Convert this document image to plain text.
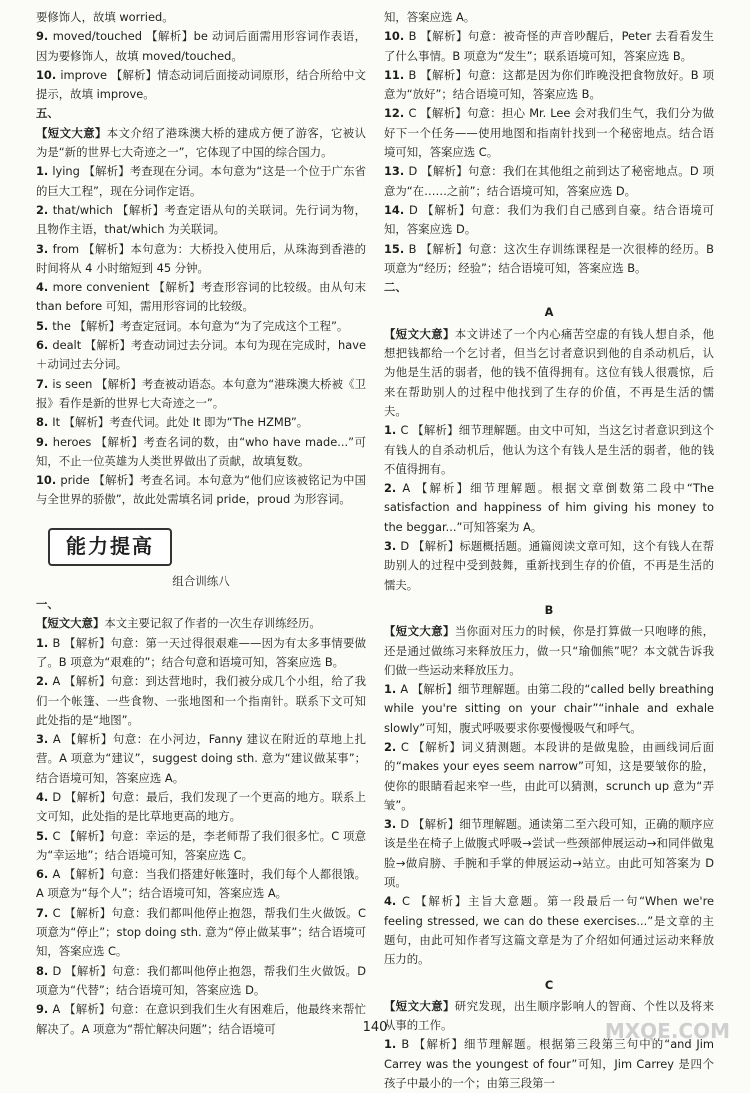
要修饰人，故填 worried。

9. moved/touched 【解析】be 动词后面需用形容词作表语，因为要修饰人，故填 moved/touched。

10. improve 【解析】情态动词后面接动词原形，结合所给中文提示，故填 improve。

五、

【短文大意】本文介绍了港珠澳大桥的建成方便了游客，它被认为是“新的世界七大奇迹之一”，它体现了中国的综合国力。

1. lying 【解析】考查现在分词。本句意为“这是一个位于广东省的巨大工程”，现在分词作定语。

2. that/which 【解析】考查定语从句的关联词。先行词为物，且物作主语，that/which 为关联词。

3. from 【解析】本句意为：大桥投入使用后，从珠海到香港的时间将从 4 小时缩短到 45 分钟。

4. more convenient 【解析】考查形容词的比较级。由从句末 than before 可知，需用形容词的比较级。

5. the 【解析】考查定冠词。本句意为“为了完成这个工程”。

6. dealt 【解析】考查动词过去分词。本句为现在完成时，have＋动词过去分词。

7. is seen 【解析】考查被动语态。本句意为“港珠澳大桥被《卫报》看作是新的世界七大奇迹之一”。

8. It 【解析】考查代词。此处 It 即为“The HZMB”。

9. heroes 【解析】考查名词的数，由“who have made...”可知，不止一位英雄为人类世界做出了贡献，故填复数。

10. pride 【解析】考查名词。本句意为“他们应该被铭记为中国与全世界的骄傲”，故此处需填名词 pride，proud 为形容词。

能力提高
组合训练八

一、

【短文大意】本文主要记叙了作者的一次生存训练经历。

1. B 【解析】句意：第一天过得很艰难——因为有太多事情要做了。B 项意为“艰难的”；结合句意和语境可知，答案应选 B。

2. A 【解析】句意：到达营地时，我们被分成几个小组，给了我们一个帐篷、一些食物、一张地图和一个指南针。联系下文可知此处指的是“地图”。

3. A 【解析】句意：在小河边，Fanny 建议在附近的草地上扎营。A 项意为“建议”，suggest doing sth. 意为“建议做某事”；结合语境可知，答案应选 A。

4. D 【解析】句意：最后，我们发现了一个更高的地方。联系上文可知，此处指的是比草地更高的地方。

5. C 【解析】句意：幸运的是，李老师帮了我们很多忙。C 项意为“幸运地”；结合语境可知，答案应选 C。

6. A 【解析】句意：当我们搭建好帐篷时，我们每个人都很饿。A 项意为“每个人”；结合语境可知，答案应选 A。

7. C 【解析】句意：我们都叫他停止抱怨，帮我们生火做饭。C 项意为“停止”；stop doing sth. 意为“停止做某事”；结合语境可知，答案应选 C。

8. D 【解析】句意：我们都叫他停止抱怨，帮我们生火做饭。D 项意为“代替”；结合语境可知，答案应选 D。

9. A 【解析】句意：在意识到我们生火有困难后，他最终来帮忙解决了。A 项意为“帮忙解决问题”；结合语境可

知，答案应选 A。

10. B 【解析】句意：被奇怪的声音吵醒后，Peter 去看看发生了什么事情。B 项意为“发生”；联系语境可知，答案应选 B。

11. B 【解析】句意：这都是因为你们昨晚没把食物放好。B 项意为“放好”；结合语境可知，答案应选 B。

12. C 【解析】句意：担心 Mr. Lee 会对我们生气，我们分为做好下一个任务——使用地图和指南针找到一个秘密地点。结合语境可知，答案应选 C。

13. D 【解析】句意：我们在其他组之前到达了秘密地点。D 项意为“在……之前”；结合语境可知，答案应选 D。

14. D 【解析】句意：我们为我们自己感到自豪。结合语境可知，答案应选 D。

15. B 【解析】句意：这次生存训练课程是一次很棒的经历。B 项意为“经历；经验”；结合语境可知，答案应选 B。

二、

A

【短文大意】本文讲述了一个内心痛苦空虚的有钱人想自杀，他想把钱都给一个乞讨者，但当乞讨者意识到他的自杀动机后，认为他是生活的弱者，他的钱不值得拥有。这位有钱人很震惊，后来在帮助别人的过程中他找到了生存的价值，不再是生活的懦夫。

1. C 【解析】细节理解题。由文中可知，当这乞讨者意识到这个有钱人的自杀动机后，他认为这个有钱人是生活的弱者，他的钱不值得拥有。

2. A 【解析】细节理解题。根据文章倒数第二段中“The satisfaction and happiness of him giving his money to the beggar...”可知答案为 A。

3. D 【解析】标题概括题。通篇阅读文章可知，这个有钱人在帮助别人的过程中受到鼓舞，重新找到生存的价值，不再是生活的懦夫。

B

【短文大意】当你面对压力的时候，你是打算做一只咆哮的熊，还是通过做练习来释放压力，做一只“瑜伽熊”呢？本文就告诉我们做一些运动来释放压力。

1. A 【解析】细节理解题。由第二段的“called belly breathing while you're sitting on your chair”“inhale and exhale slowly”可知，腹式呼吸要求你要慢慢吸气和呼气。

2. C 【解析】词义猜测题。本段讲的是做鬼脸，由画线词后面的“makes your eyes seem narrow”可知，这是要皱你的脸，使你的眼睛看起来窄一些，由此可以猜测，scrunch up 意为“弄皱”。

3. D 【解析】细节理解题。通读第二至六段可知，正确的顺序应该是坐在椅子上做腹式呼吸→尝试一些颈部伸展运动→和同伴做鬼脸→做肩膀、手腕和手掌的伸展运动→站立。由此可知答案为 D 项。

4. C 【解析】主旨大意题。第一段最后一句“When we're feeling stressed, we can do these exercises...”是文章的主题句，由此可知作者写这篇文章是为了介绍如何通过运动来释放压力的。

C

【短文大意】研究发现，出生顺序影响人的智商、个性以及将来从事的工作。

1. B 【解析】细节理解题。根据第三段第三句中的“and Jim Carrey was the youngest of four”可知，Jim Carrey 是四个孩子中最小的一个；由第三段第一

140	MXQE.COM
